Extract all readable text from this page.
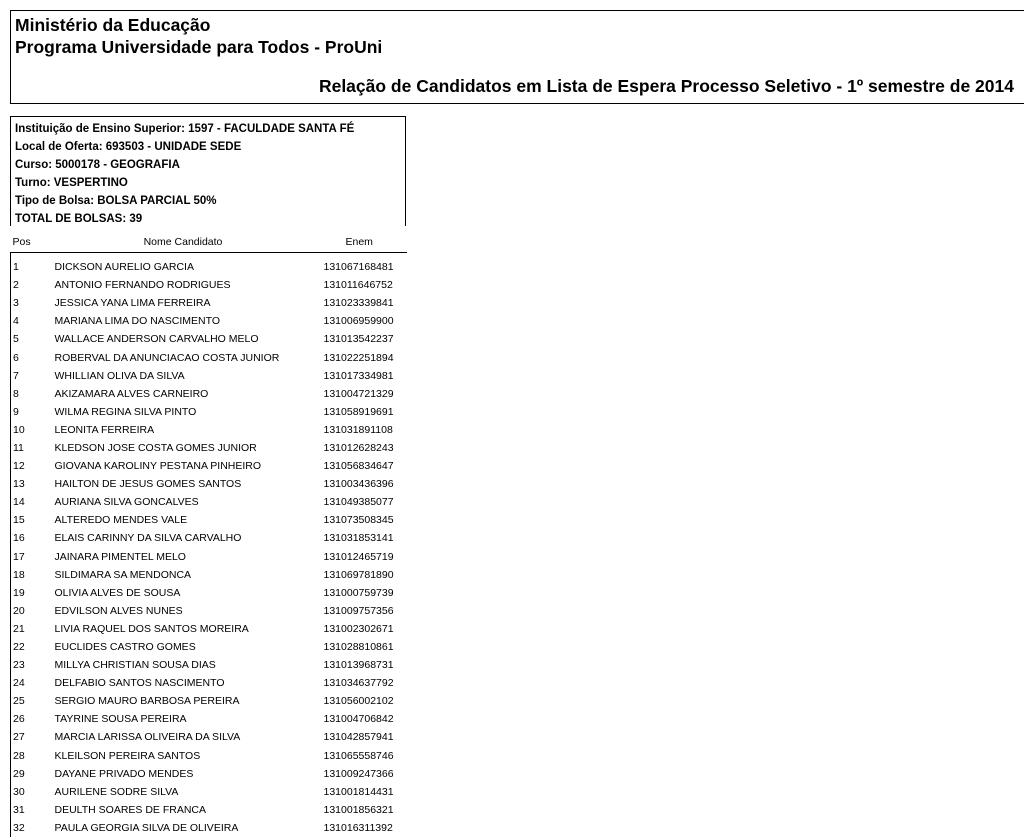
Ministério da Educação
Programa Universidade para Todos - ProUni
Relação de Candidatos em Lista de Espera Processo Seletivo - 1º semestre de 2014
Instituição de Ensino Superior: 1597 - FACULDADE SANTA FÉ
Local de Oferta: 693503 - UNIDADE SEDE
Curso: 5000178 - GEOGRAFIA
Turno: VESPERTINO
Tipo de Bolsa: BOLSA PARCIAL 50%
TOTAL DE BOLSAS: 39
Pos	Nome Candidato	Enem
1	DICKSON AURELIO GARCIA	131067168481
2	ANTONIO FERNANDO RODRIGUES	131011646752
3	JESSICA YANA LIMA FERREIRA	131023339841
4	MARIANA LIMA DO NASCIMENTO	131006959900
5	WALLACE ANDERSON CARVALHO MELO	131013542237
6	ROBERVAL DA ANUNCIACAO COSTA JUNIOR	131022251894
7	WHILLIAN OLIVA DA SILVA	131017334981
8	AKIZAMARA ALVES CARNEIRO	131004721329
9	WILMA REGINA SILVA PINTO	131058919691
10	LEONITA FERREIRA	131031891108
11	KLEDSON JOSE COSTA GOMES JUNIOR	131012628243
12	GIOVANA KAROLINY PESTANA PINHEIRO	131056834647
13	HAILTON DE JESUS GOMES SANTOS	131003436396
14	AURIANA SILVA GONCALVES	131049385077
15	ALTEREDO MENDES VALE	131073508345
16	ELAIS CARINNY DA SILVA CARVALHO	131031853141
17	JAINARA PIMENTEL MELO	131012465719
18	SILDIMARA SA MENDONCA	131069781890
19	OLIVIA ALVES DE SOUSA	131000759739
20	EDVILSON ALVES NUNES	131009757356
21	LIVIA RAQUEL DOS SANTOS MOREIRA	131002302671
22	EUCLIDES CASTRO GOMES	131028810861
23	MILLYA CHRISTIAN SOUSA DIAS	131013968731
24	DELFABIO SANTOS NASCIMENTO	131034637792
25	SERGIO MAURO BARBOSA PEREIRA	131056002102
26	TAYRINE SOUSA PEREIRA	131004706842
27	MARCIA LARISSA OLIVEIRA DA SILVA	131042857941
28	KLEILSON PEREIRA SANTOS	131065558746
29	DAYANE PRIVADO MENDES	131009247366
30	AURILENE SODRE SILVA	131001814431
31	DEULTH SOARES DE FRANCA	131001856321
32	PAULA GEORGIA SILVA DE OLIVEIRA	131016311392
